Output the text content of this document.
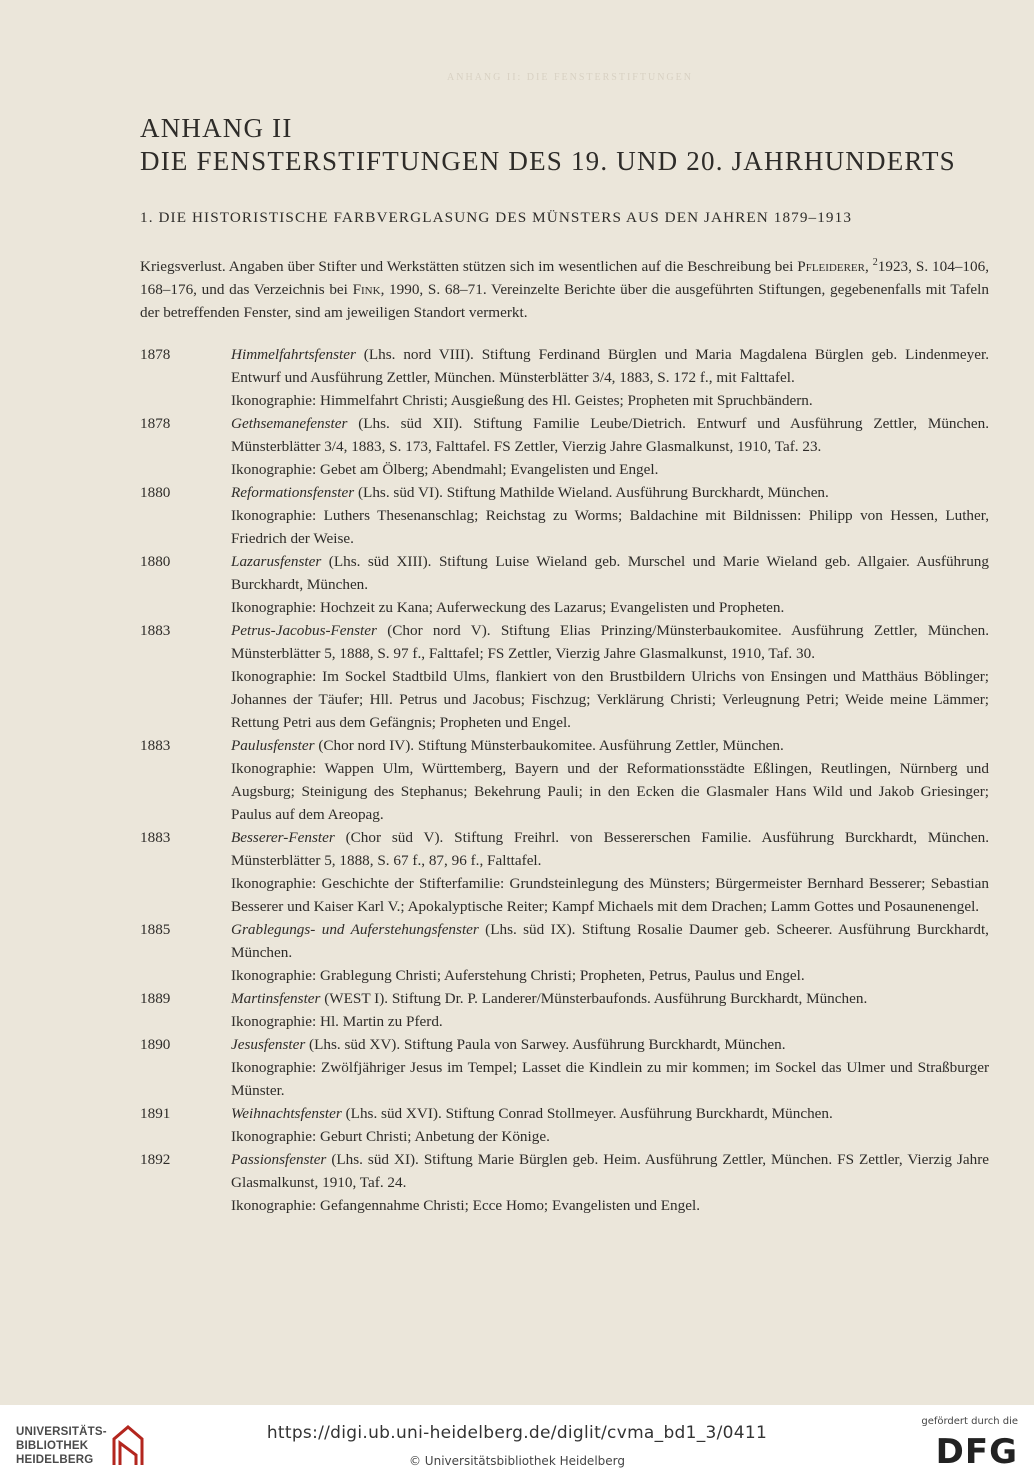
ANHANG II: DIE FENSTERSTIFTUNGEN
ANHANG II
DIE FENSTERSTIFTUNGEN DES 19. UND 20. JAHRHUNDERTS
1. DIE HISTORISTISCHE FARBVERGLASUNG DES MÜNSTERS AUS DEN JAHREN 1879–1913
Kriegsverlust. Angaben über Stifter und Werkstätten stützen sich im wesentlichen auf die Beschreibung bei Pfleiderer, $^2$1923, S. 104–106, 168–176, und das Verzeichnis bei Fink, 1990, S. 68–71. Vereinzelte Berichte über die ausgeführten Stiftungen, gegebenenfalls mit Tafeln der betreffenden Fenster, sind am jeweiligen Standort vermerkt.
1878	Himmelfahrtsfenster (Lhs. nord VIII). Stiftung Ferdinand Bürglen und Maria Magdalena Bürglen geb. Lindenmeyer. Entwurf und Ausführung Zettler, München. Münsterblätter 3/4, 1883, S. 172 f., mit Falttafel.

Ikonographie: Himmelfahrt Christi; Ausgießung des Hl. Geistes; Propheten mit Spruchbändern.

1878	Gethsemanefenster (Lhs. süd XII). Stiftung Familie Leube/Dietrich. Entwurf und Ausführung Zettler, München. Münsterblätter 3/4, 1883, S. 173, Falttafel. FS Zettler, Vierzig Jahre Glasmalkunst, 1910, Taf. 23.

Ikonographie: Gebet am Ölberg; Abendmahl; Evangelisten und Engel.

1880	Reformationsfenster (Lhs. süd VI). Stiftung Mathilde Wieland. Ausführung Burckhardt, München.

Ikonographie: Luthers Thesenanschlag; Reichstag zu Worms; Baldachine mit Bildnissen: Philipp von Hessen, Luther, Friedrich der Weise.

1880	Lazarusfenster (Lhs. süd XIII). Stiftung Luise Wieland geb. Murschel und Marie Wieland geb. Allgaier. Ausführung Burckhardt, München.

Ikonographie: Hochzeit zu Kana; Auferweckung des Lazarus; Evangelisten und Propheten.

1883	Petrus-Jacobus-Fenster (Chor nord V). Stiftung Elias Prinzing/Münsterbaukomitee. Ausführung Zettler, München. Münsterblätter 5, 1888, S. 97 f., Falttafel; FS Zettler, Vierzig Jahre Glasmalkunst, 1910, Taf. 30.

Ikonographie: Im Sockel Stadtbild Ulms, flankiert von den Brustbildern Ulrichs von Ensingen und Matthäus Böblinger; Johannes der Täufer; Hll. Petrus und Jacobus; Fischzug; Verklärung Christi; Verleugnung Petri; Weide meine Lämmer; Rettung Petri aus dem Gefängnis; Propheten und Engel.

1883	Paulusfenster (Chor nord IV). Stiftung Münsterbaukomitee. Ausführung Zettler, München.

Ikonographie: Wappen Ulm, Württemberg, Bayern und der Reformationsstädte Eßlingen, Reutlingen, Nürnberg und Augsburg; Steinigung des Stephanus; Bekehrung Pauli; in den Ecken die Glasmaler Hans Wild und Jakob Griesinger; Paulus auf dem Areopag.

1883	Besserer-Fenster (Chor süd V). Stiftung Freihrl. von Bessererschen Familie. Ausführung Burckhardt, München. Münsterblätter 5, 1888, S. 67 f., 87, 96 f., Falttafel.

Ikonographie: Geschichte der Stifterfamilie: Grundsteinlegung des Münsters; Bürgermeister Bernhard Besserer; Sebastian Besserer und Kaiser Karl V.; Apokalyptische Reiter; Kampf Michaels mit dem Drachen; Lamm Gottes und Posaunenengel.

1885	Grablegungs- und Auferstehungsfenster (Lhs. süd IX). Stiftung Rosalie Daumer geb. Scheerer. Ausführung Burckhardt, München.

Ikonographie: Grablegung Christi; Auferstehung Christi; Propheten, Petrus, Paulus und Engel.

1889	Martinsfenster (WEST I). Stiftung Dr. P. Landerer/Münsterbaufonds. Ausführung Burckhardt, München.

Ikonographie: Hl. Martin zu Pferd.

1890	Jesusfenster (Lhs. süd XV). Stiftung Paula von Sarwey. Ausführung Burckhardt, München.

Ikonographie: Zwölfjähriger Jesus im Tempel; Lasset die Kindlein zu mir kommen; im Sockel das Ulmer und Straßburger Münster.

1891	Weihnachtsfenster (Lhs. süd XVI). Stiftung Conrad Stollmeyer. Ausführung Burckhardt, München.

Ikonographie: Geburt Christi; Anbetung der Könige.

1892	Passionsfenster (Lhs. süd XI). Stiftung Marie Bürglen geb. Heim. Ausführung Zettler, München. FS Zettler, Vierzig Jahre Glasmalkunst, 1910, Taf. 24.

Ikonographie: Gefangennahme Christi; Ecce Homo; Evangelisten und Engel.

UNIVERSITÄTS-
BIBLIOTHEK
HEIDELBERG
https://digi.ub.uni-heidelberg.de/diglit/cvma_bd1_3/0411
© Universitätsbibliothek Heidelberg
gefördert durch die
DFG
